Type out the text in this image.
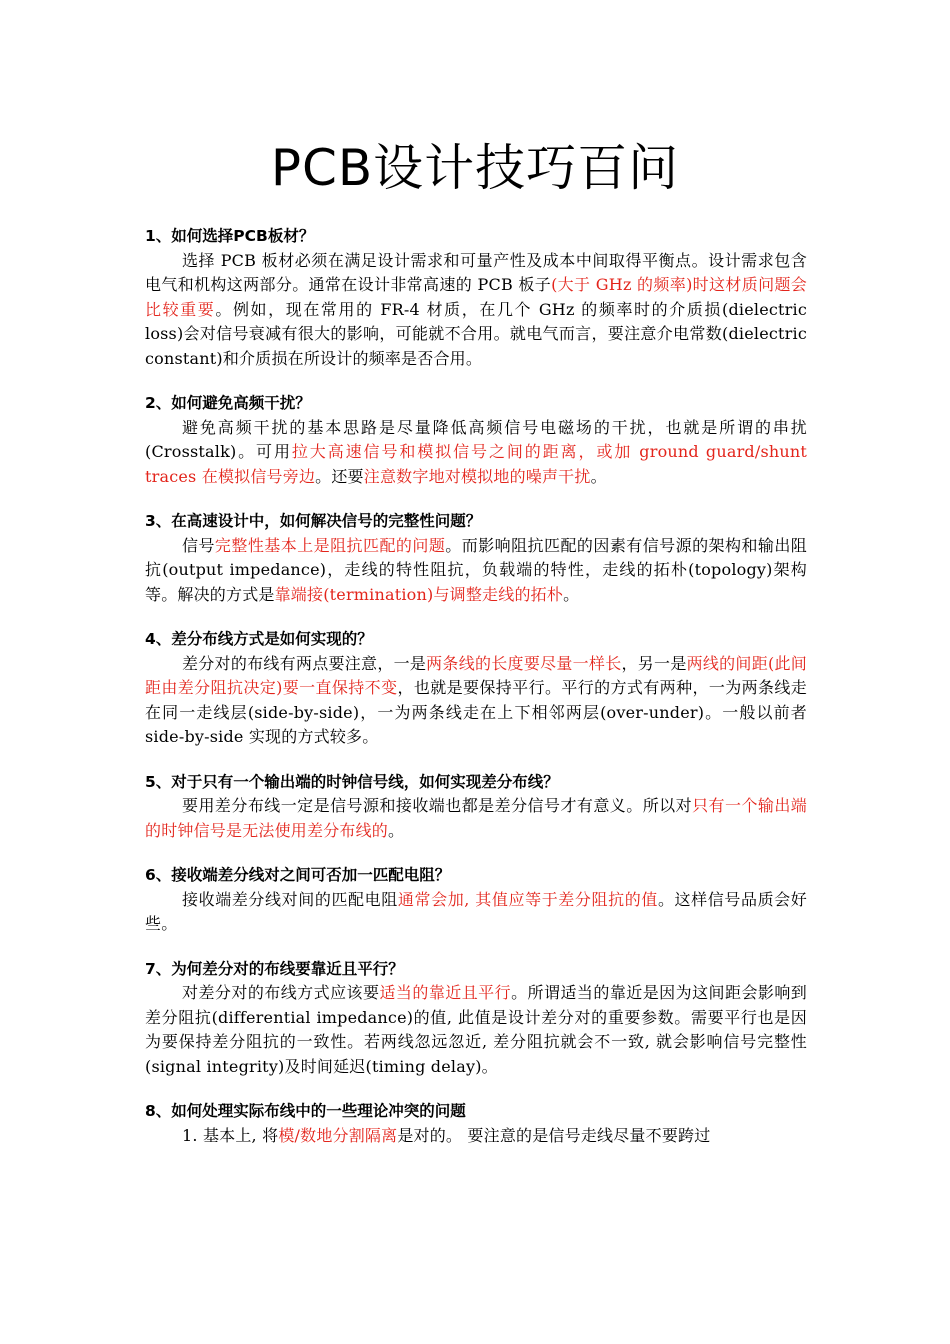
PCB设计技巧百问

1、如何选择PCB板材？

选择 PCB 板材必须在满足设计需求和可量产性及成本中间取得平衡点。设计需求包含电气和机构这两部分。通常在设计非常高速的 PCB 板子(大于 GHz 的频率)时这材质问题会比较重要。例如，现在常用的 FR-4 材质，在几个 GHz 的频率时的介质损(dielectric loss)会对信号衰减有很大的影响，可能就不合用。就电气而言，要注意介电常数(dielectric constant)和介质损在所设计的频率是否合用。

2、如何避免高频干扰？

避免高频干扰的基本思路是尽量降低高频信号电磁场的干扰，也就是所谓的串扰(Crosstalk)。可用拉大高速信号和模拟信号之间的距离，或加 ground guard/shunt traces 在模拟信号旁边。还要注意数字地对模拟地的噪声干扰。

3、在高速设计中，如何解决信号的完整性问题？

信号完整性基本上是阻抗匹配的问题。而影响阻抗匹配的因素有信号源的架构和输出阻抗(output impedance)，走线的特性阻抗，负载端的特性，走线的拓朴(topology)架构等。解决的方式是靠端接(termination)与调整走线的拓朴。

4、差分布线方式是如何实现的？

差分对的布线有两点要注意，一是两条线的长度要尽量一样长，另一是两线的间距(此间距由差分阻抗决定)要一直保持不变，也就是要保持平行。平行的方式有两种，一为两条线走在同一走线层(side-by-side)，一为两条线走在上下相邻两层(over-under)。一般以前者 side-by-side 实现的方式较多。

5、对于只有一个输出端的时钟信号线，如何实现差分布线？

要用差分布线一定是信号源和接收端也都是差分信号才有意义。所以对只有一个输出端的时钟信号是无法使用差分布线的。

6、接收端差分线对之间可否加一匹配电阻？

接收端差分线对间的匹配电阻通常会加, 其值应等于差分阻抗的值。这样信号品质会好些。

7、为何差分对的布线要靠近且平行？

对差分对的布线方式应该要适当的靠近且平行。所谓适当的靠近是因为这间距会影响到差分阻抗(differential impedance)的值, 此值是设计差分对的重要参数。需要平行也是因为要保持差分阻抗的一致性。若两线忽远忽近, 差分阻抗就会不一致, 就会影响信号完整性(signal integrity)及时间延迟(timing delay)。

8、如何处理实际布线中的一些理论冲突的问题

1. 基本上, 将模/数地分割隔离是对的。 要注意的是信号走线尽量不要跨过
